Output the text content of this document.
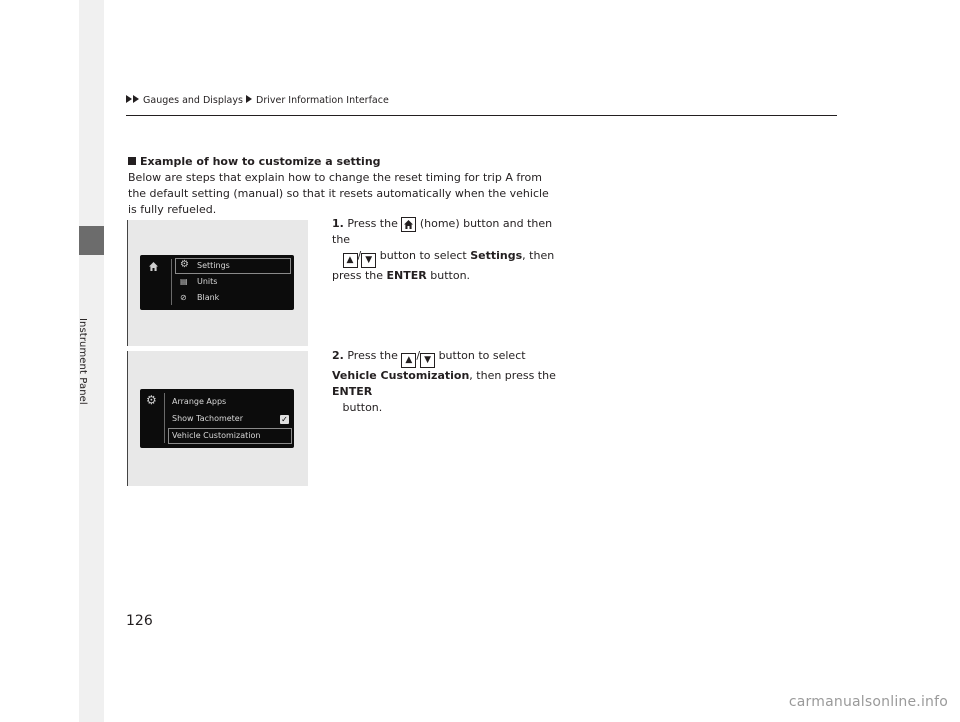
Instrument Panel
Gauges and Displays Driver Information Interface
Example of how to customize a setting
Below are steps that explain how to change the reset timing for trip A from the default setting (manual) so that it resets automatically when the vehicle is fully refueled.
1. Press the (home) button and then the
▲ / ▼ button to select Settings, then press the ENTER button.
⚙ Settings
▤ Units
⊘ Blank
2. Press the ▲ / ▼ button to select Vehicle Customization, then press the ENTER
button.
⚙ Arrange Apps
Show Tachometer	✓
Vehicle Customization
126
carmanualsonline.info
